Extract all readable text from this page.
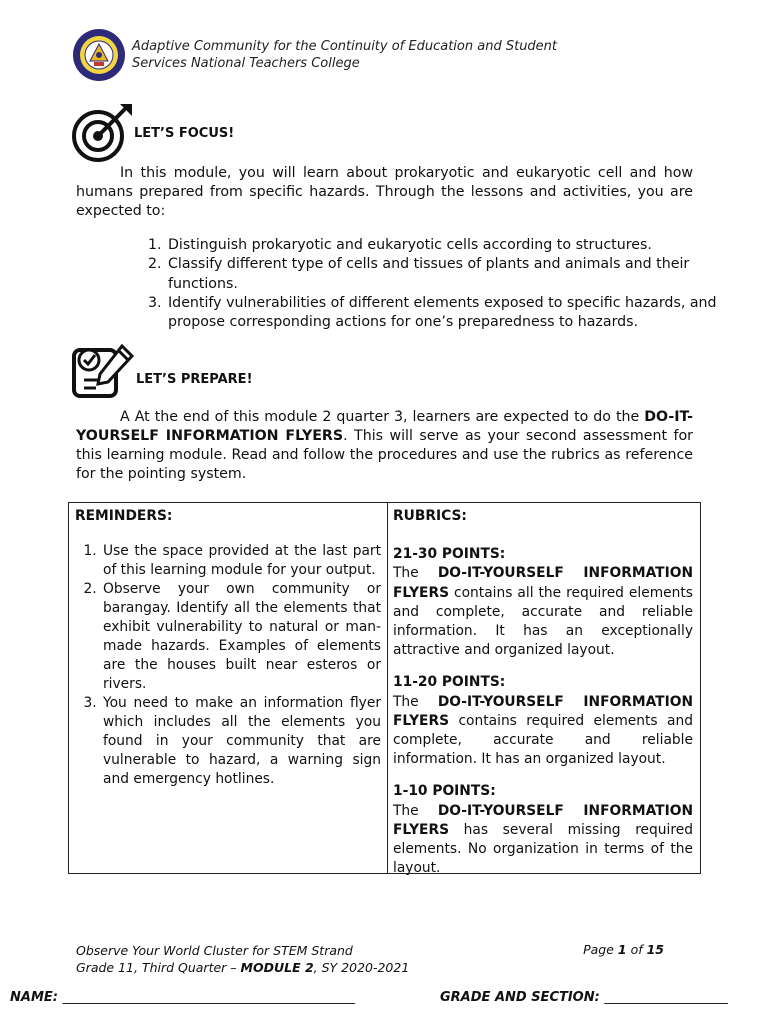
Adaptive Community for the Continuity of Education and Student
Services National Teachers College
LET’S FOCUS!
In this module, you will learn about prokaryotic and eukaryotic cell and how humans prepared from specific hazards. Through the lessons and activities, you are expected to:
1. Distinguish prokaryotic and eukaryotic cells according to structures.
2. Classify different type of cells and tissues of plants and animals and their functions.
3. Identify vulnerabilities of different elements exposed to specific hazards, and propose corresponding actions for one’s preparedness to hazards.
LET’S PREPARE!
A At the end of this module 2 quarter 3, learners are expected to do the DO-IT-YOURSELF INFORMATION FLYERS. This will serve as your second assessment for this learning module. Read and follow the procedures and use the rubrics as reference for the pointing system.
REMINDERS:
1. Use the space provided at the last part of this learning module for your output.
2. Observe your own community or barangay. Identify all the elements that exhibit vulnerability to natural or man-made hazards. Examples of elements are the houses built near esteros or rivers.
3. You need to make an information flyer which includes all the elements you found in your community that are vulnerable to hazard, a warning sign and emergency hotlines.
RUBRICS:
21-30 POINTS:
The DO-IT-YOURSELF INFORMATION FLYERS contains all the required elements and complete, accurate and reliable information. It has an exceptionally attractive and organized layout.
11-20 POINTS:
The DO-IT-YOURSELF INFORMATION FLYERS contains required elements and complete, accurate and reliable information. It has an organized layout.
1-10 POINTS:
The DO-IT-YOURSELF INFORMATION FLYERS has several missing required elements. No organization in terms of the layout.
Observe Your World Cluster for STEM Strand
Grade 11, Third Quarter – MODULE 2, SY 2020-2021
Page 1 of 15
NAME: _____________________________________________	GRADE AND SECTION: ___________________
